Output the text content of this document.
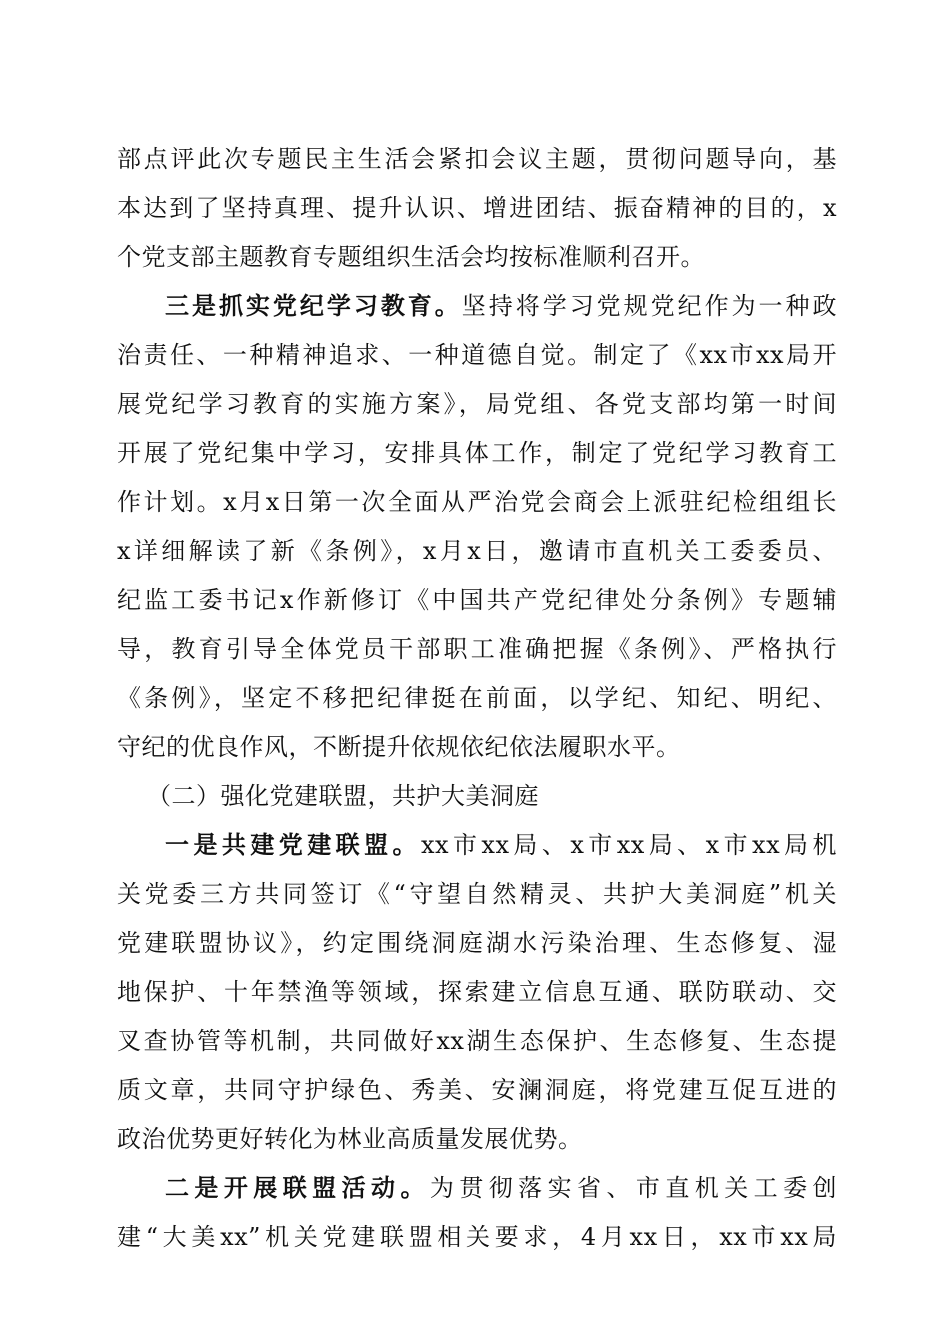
部点评此次专题民主生活会紧扣会议主题，贯彻问题导向，基
本达到了坚持真理、提升认识、增进团结、振奋精神的目的，x
个党支部主题教育专题组织生活会均按标准顺利召开。
三是抓实党纪学习教育。坚持将学习党规党纪作为一种政
治责任、一种精神追求、一种道德自觉。制定了《xx市xx局开
展党纪学习教育的实施方案》，局党组、各党支部均第一时间
开展了党纪集中学习，安排具体工作，制定了党纪学习教育工
作计划。x月x日第一次全面从严治党会商会上派驻纪检组组长
x详细解读了新《条例》，x月x日，邀请市直机关工委委员、
纪监工委书记x作新修订《中国共产党纪律处分条例》专题辅
导，教育引导全体党员干部职工准确把握《条例》、严格执行
《条例》，坚定不移把纪律挺在前面，以学纪、知纪、明纪、
守纪的优良作风，不断提升依规依纪依法履职水平。
（二）强化党建联盟，共护大美洞庭
一是共建党建联盟。xx市xx局、x市xx局、x市xx局机
关党委三方共同签订《“守望自然精灵、共护大美洞庭”机关
党建联盟协议》，约定围绕洞庭湖水污染治理、生态修复、湿
地保护、十年禁渔等领域，探索建立信息互通、联防联动、交
叉查协管等机制，共同做好xx湖生态保护、生态修复、生态提
质文章，共同守护绿色、秀美、安澜洞庭，将党建互促互进的
政治优势更好转化为林业高质量发展优势。
二是开展联盟活动。为贯彻落实省、市直机关工委创
建“大美xx”机关党建联盟相关要求，4月xx日，xx市xx局
